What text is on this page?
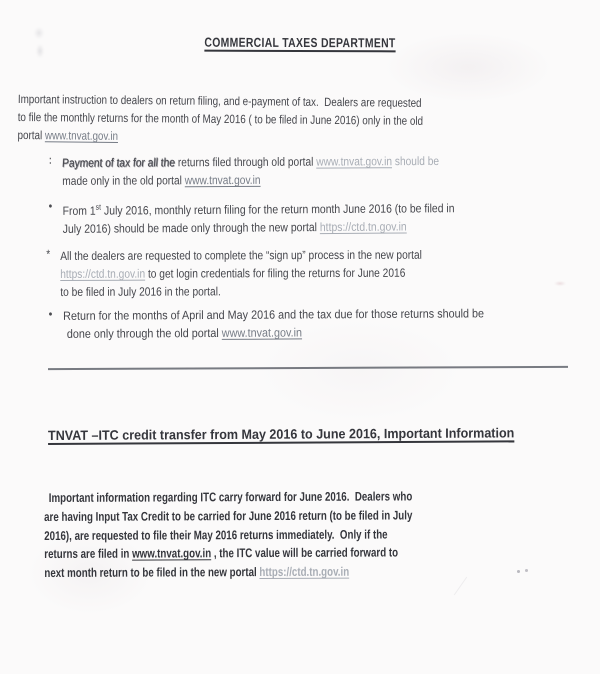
COMMERCIAL TAXES DEPARTMENT
Important instruction to dealers on return filing, and e-payment of tax.  Dealers are requested
to file the monthly returns for the month of May 2016 ( to be filed in June 2016) only in the old
portal www.tnvat.gov.in
∶ Payment of tax for all the returns filed through old portal www.tnvat.gov.in should be
made only in the old portal www.tnvat.gov.in
• From 1st July 2016, monthly return filing for the return month June 2016 (to be filed in
July 2016) should be made only through the new portal https://ctd.tn.gov.in
* All the dealers are requested to complete the “sign up” process in the new portal
https://ctd.tn.gov.in to get login credentials for filing the returns for June 2016
to be filed in July 2016 in the portal.
• Return for the months of April and May 2016 and the tax due for those returns should be
done only through the old portal www.tnvat.gov.in
TNVAT –ITC credit transfer from May 2016 to June 2016, Important Information
Important information regarding ITC carry forward for June 2016.  Dealers who
are having Input Tax Credit to be carried for June 2016 return (to be filed in July
2016), are requested to file their May 2016 returns immediately.  Only if the
returns are filed in www.tnvat.gov.in , the ITC value will be carried forward to
next month return to be filed in the new portal https://ctd.tn.gov.in
